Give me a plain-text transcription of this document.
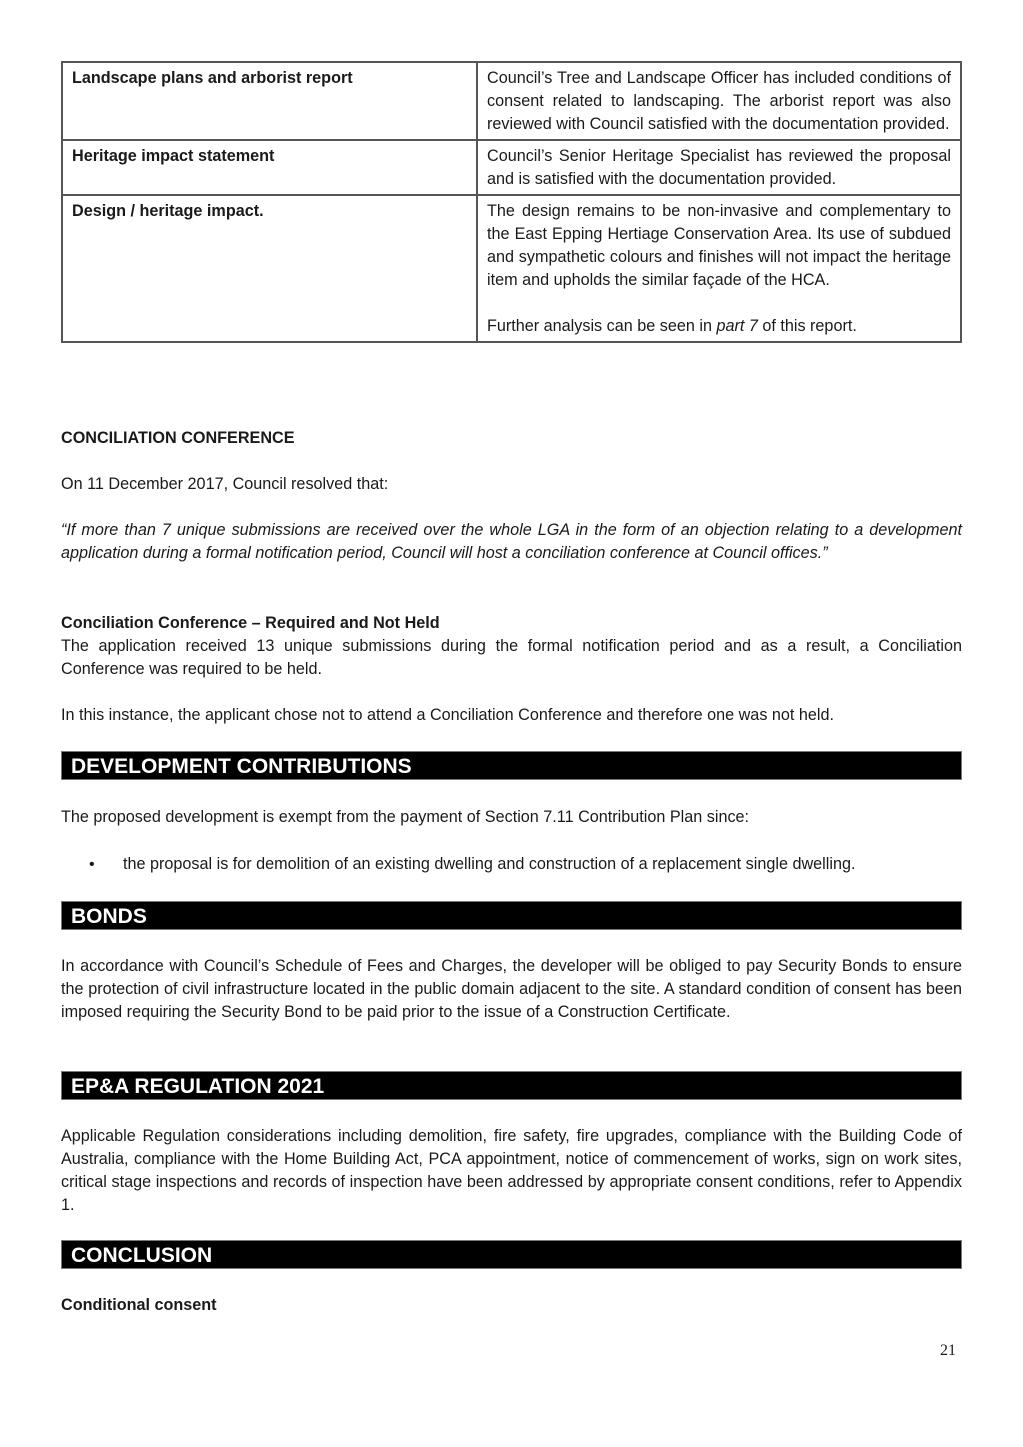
Landscape plans and arborist report	Council’s Tree and Landscape Officer has included conditions of consent related to landscaping. The arborist report was also reviewed with Council satisfied with the documentation provided.
Heritage impact statement	Council’s Senior Heritage Specialist has reviewed the proposal and is satisfied with the documentation provided.
Design / heritage impact.	The design remains to be non-invasive and complementary to the East Epping Hertiage Conservation Area. Its use of subdued and sympathetic colours and finishes will not impact the heritage item and upholds the similar façade of the HCA.
Further analysis can be seen in part 7 of this report.
CONCILIATION CONFERENCE
On 11 December 2017, Council resolved that:
“If more than 7 unique submissions are received over the whole LGA in the form of an objection relating to a development application during a formal notification period, Council will host a conciliation conference at Council offices.”
Conciliation Conference – Required and Not Held
The application received 13 unique submissions during the formal notification period and as a result, a Conciliation Conference was required to be held.
In this instance, the applicant chose not to attend a Conciliation Conference and therefore one was not held.
DEVELOPMENT CONTRIBUTIONS
The proposed development is exempt from the payment of Section 7.11 Contribution Plan since:
• the proposal is for demolition of an existing dwelling and construction of a replacement single dwelling.
BONDS
In accordance with Council’s Schedule of Fees and Charges, the developer will be obliged to pay Security Bonds to ensure the protection of civil infrastructure located in the public domain adjacent to the site. A standard condition of consent has been imposed requiring the Security Bond to be paid prior to the issue of a Construction Certificate.
EP&A REGULATION 2021
Applicable Regulation considerations including demolition, fire safety, fire upgrades, compliance with the Building Code of Australia, compliance with the Home Building Act, PCA appointment, notice of commencement of works, sign on work sites, critical stage inspections and records of inspection have been addressed by appropriate consent conditions, refer to Appendix 1.
CONCLUSION
Conditional consent
21
